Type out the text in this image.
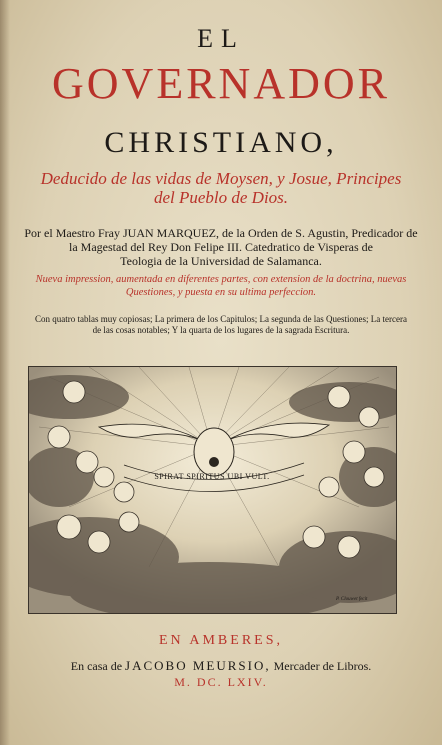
EL
GOVERNADOR
CHRISTIANO,
Deducido de las vidas de Moysen, y Josue, Principes
del Pueblo de Dios.
Por el Maestro Fray JUAN MARQUEZ, de la Orden de S. Agustin, Predicador de
la Magestad del Rey Don Felipe III. Catedratico de Visperas de
Teologia de la Universidad de Salamanca.
Nueva impression, aumentada en diferentes partes, con extension de la doctrina, nuevas
Questiones, y puesta en su ultima perfeccion.
Con quatro tablas muy copiosas; La primera de los Capitulos; La segunda de las Questiones; La tercera
de las cosas notables; Y la quarta de los lugares de la sagrada Escritura.
SPIRAT SPIRITUS UBI VULT.
P. Clouwet fecit
EN AMBERES,
En casa de JACOBO MEURSIO, Mercader de Libros.
M. DC. LXIV.
